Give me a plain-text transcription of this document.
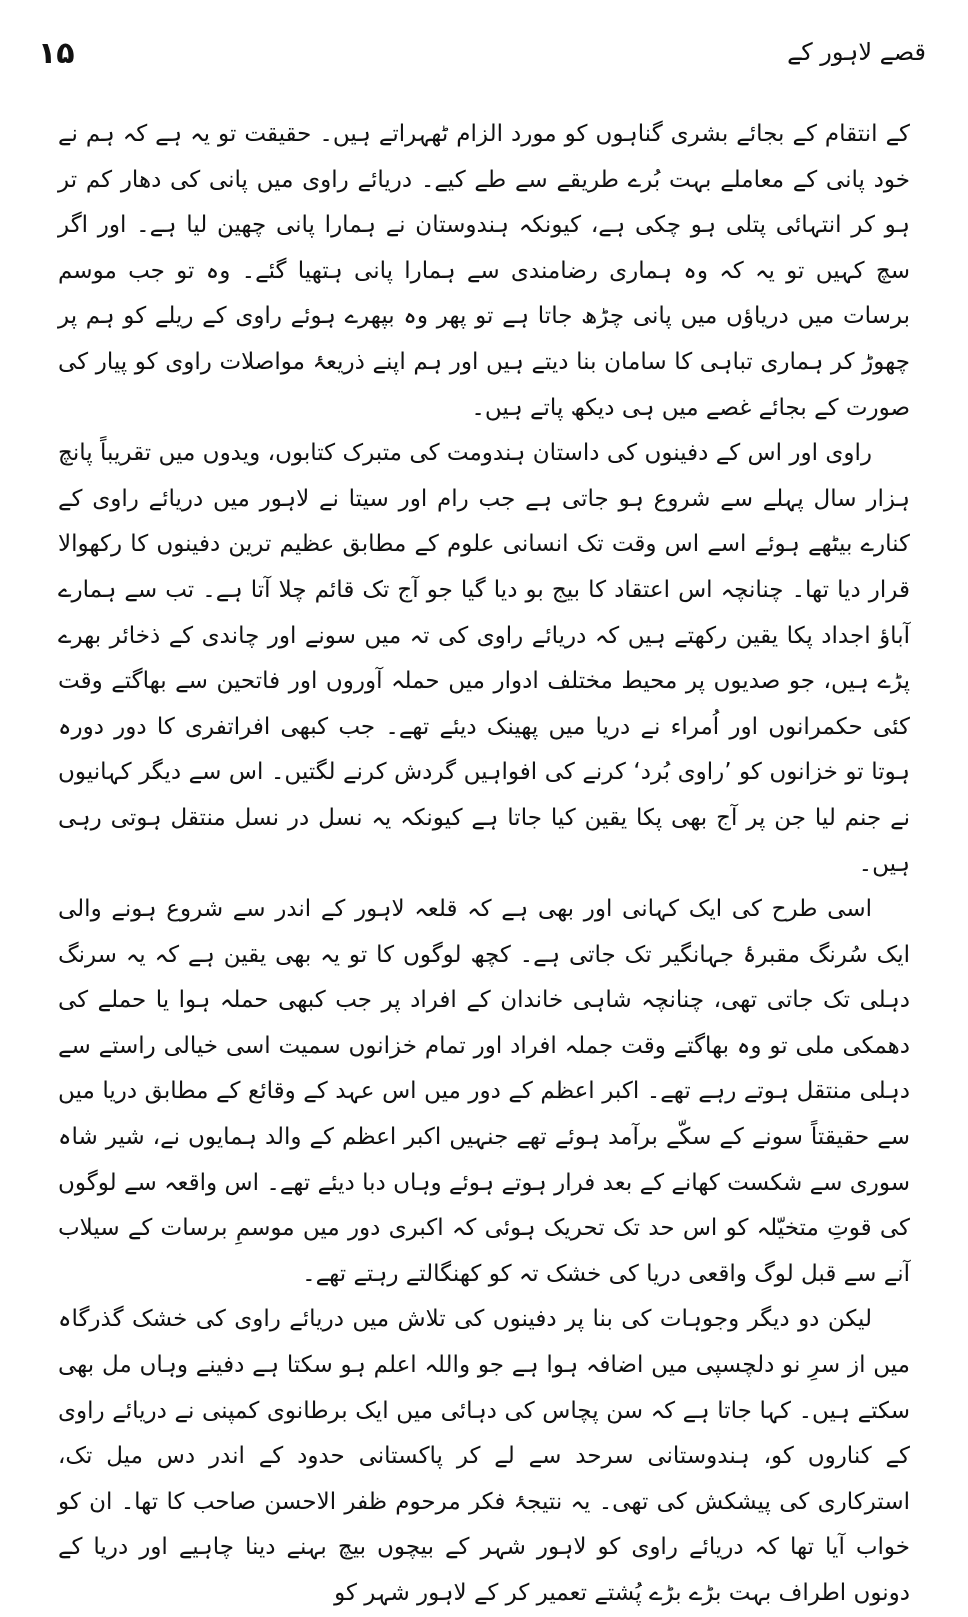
۱۵	قصے لاہور کے

کے انتقام کے بجائے بشری گناہوں کو مورد الزام ٹھہراتے ہیں۔ حقیقت تو یہ ہے کہ ہم نے خود پانی کے معاملے بہت بُرے طریقے سے طے کیے۔ دریائے راوی میں پانی کی دھار کم تر ہو کر انتہائی پتلی ہو چکی ہے، کیونکہ ہندوستان نے ہمارا پانی چھین لیا ہے۔ اور اگر سچ کہیں تو یہ کہ وہ ہماری رضامندی سے ہمارا پانی ہتھیا گئے۔ وہ تو جب موسم برسات میں دریاؤں میں پانی چڑھ جاتا ہے تو پھر وہ بپھرے ہوئے راوی کے ریلے کو ہم پر چھوڑ کر ہماری تباہی کا سامان بنا دیتے ہیں اور ہم اپنے ذریعۂ مواصلات راوی کو پیار کی صورت کے بجائے غصے میں ہی دیکھ پاتے ہیں۔

راوی اور اس کے دفینوں کی داستان ہندومت کی متبرک کتابوں، ویدوں میں تقریباً پانچ ہزار سال پہلے سے شروع ہو جاتی ہے جب رام اور سیتا نے لاہور میں دریائے راوی کے کنارے بیٹھے ہوئے اسے اس وقت تک انسانی علوم کے مطابق عظیم ترین دفینوں کا رکھوالا قرار دیا تھا۔ چنانچہ اس اعتقاد کا بیج بو دیا گیا جو آج تک قائم چلا آتا ہے۔ تب سے ہمارے آباؤ اجداد پکا یقین رکھتے ہیں کہ دریائے راوی کی تہ میں سونے اور چاندی کے ذخائر بھرے پڑے ہیں، جو صدیوں پر محیط مختلف ادوار میں حملہ آوروں اور فاتحین سے بھاگتے وقت کئی حکمرانوں اور اُمراء نے دریا میں پھینک دیئے تھے۔ جب کبھی افراتفری کا دور دورہ ہوتا تو خزانوں کو ’راوی بُرد‘ کرنے کی افواہیں گردش کرنے لگتیں۔ اس سے دیگر کہانیوں نے جنم لیا جن پر آج بھی پکا یقین کیا جاتا ہے کیونکہ یہ نسل در نسل منتقل ہوتی رہی ہیں۔

اسی طرح کی ایک کہانی اور بھی ہے کہ قلعہ لاہور کے اندر سے شروع ہونے والی ایک سُرنگ مقبرۂ جہانگیر تک جاتی ہے۔ کچھ لوگوں کا تو یہ بھی یقین ہے کہ یہ سرنگ دہلی تک جاتی تھی، چنانچہ شاہی خاندان کے افراد پر جب کبھی حملہ ہوا یا حملے کی دھمکی ملی تو وہ بھاگتے وقت جملہ افراد اور تمام خزانوں سمیت اسی خیالی راستے سے دہلی منتقل ہوتے رہے تھے۔ اکبر اعظم کے دور میں اس عہد کے وقائع کے مطابق دریا میں سے حقیقتاً سونے کے سکّے برآمد ہوئے تھے جنہیں اکبر اعظم کے والد ہمایوں نے، شیر شاہ سوری سے شکست کھانے کے بعد فرار ہوتے ہوئے وہاں دبا دیئے تھے۔ اس واقعہ سے لوگوں کی قوتِ متخیّلہ کو اس حد تک تحریک ہوئی کہ اکبری دور میں موسمِ برسات کے سیلاب آنے سے قبل لوگ واقعی دریا کی خشک تہ کو کھنگالتے رہتے تھے۔

لیکن دو دیگر وجوہات کی بنا پر دفینوں کی تلاش میں دریائے راوی کی خشک گذرگاہ میں از سرِ نو دلچسپی میں اضافہ ہوا ہے جو واللہ اعلم ہو سکتا ہے دفینے وہاں مل بھی سکتے ہیں۔ کہا جاتا ہے کہ سن پچاس کی دہائی میں ایک برطانوی کمپنی نے دریائے راوی کے کناروں کو، ہندوستانی سرحد سے لے کر پاکستانی حدود کے اندر دس میل تک، استرکاری کی پیشکش کی تھی۔ یہ نتیجۂ فکر مرحوم ظفر الاحسن صاحب کا تھا۔ ان کو خواب آیا تھا کہ دریائے راوی کو لاہور شہر کے بیچوں بیچ بہنے دینا چاہیے اور دریا کے دونوں اطراف بہت بڑے بڑے پُشتے تعمیر کر کے لاہور شہر کو
